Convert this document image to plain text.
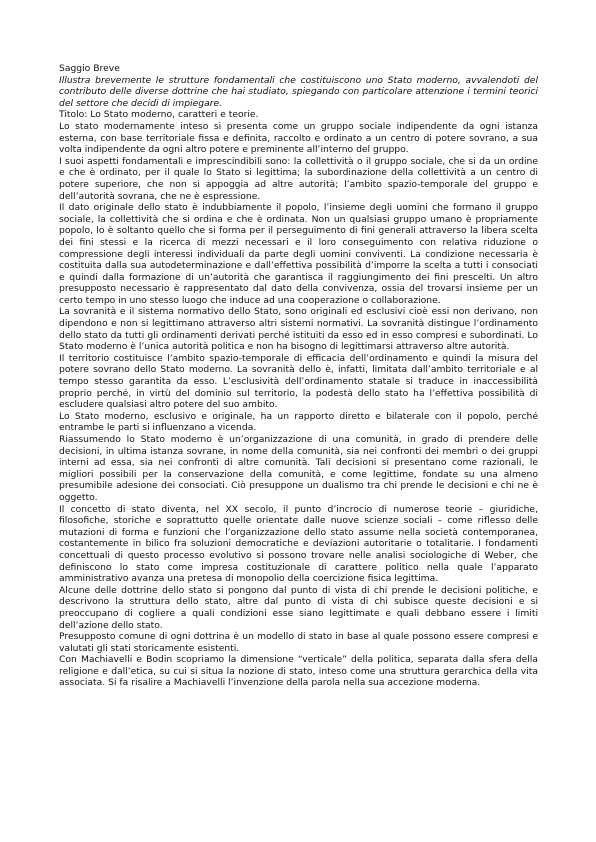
Saggio Breve

Illustra brevemente le strutture fondamentali che costituiscono uno Stato moderno, avvalendoti del contributo delle diverse dottrine che hai studiato, spiegando con particolare attenzione i termini teorici del settore che decidi di impiegare.

Titolo: Lo Stato moderno, caratteri e teorie.

Lo stato modernamente inteso si presenta come un gruppo sociale indipendente da ogni istanza esterna, con base territoriale fissa e definita, raccolto e ordinato a un centro di potere sovrano, a sua volta indipendente da ogni altro potere e preminente all’interno del gruppo.

I suoi aspetti fondamentali e imprescindibili sono: la collettività o il gruppo sociale, che si da un ordine e che è ordinato, per il quale lo Stato si legittima; la subordinazione della collettività a un centro di potere superiore, che non si appoggia ad altre autorità; l’ambito spazio-temporale del gruppo e dell’autorità sovrana, che ne è espressione.

Il dato originale dello stato è indubbiamente il popolo, l’insieme degli uomini che formano il gruppo sociale, la collettività che si ordina e che è ordinata. Non un qualsiasi gruppo umano è propriamente popolo, lo è soltanto quello che si forma per il perseguimento di fini generali attraverso la libera scelta dei fini stessi e la ricerca di mezzi necessari e il loro conseguimento con relativa riduzione o compressione degli interessi individuali da parte degli uomini conviventi. La condizione necessaria è costituita dalla sua autodeterminazione e dall’effettiva possibilità d’imporre la scelta a tutti i consociati e quindi dalla formazione di un’autorità che garantisca il raggiungimento dei fini prescelti. Un altro presupposto necessario è rappresentato dal dato della convivenza, ossia del trovarsi insieme per un certo tempo in uno stesso luogo che induce ad una cooperazione o collaborazione.

La sovranità e il sistema normativo dello Stato, sono originali ed esclusivi cioè essi non derivano, non dipendono e non si legittimano attraverso altri sistemi normativi. La sovranità distingue l’ordinamento dello stato da tutti gli ordinamenti derivati perché istituiti da esso ed in esso compresi e subordinati. Lo Stato moderno è l’unica autorità politica e non ha bisogno di legittimarsi attraverso altre autorità.

Il territorio costituisce l’ambito spazio-temporale di efficacia dell’ordinamento e quindi la misura del potere sovrano dello Stato moderno. La sovranità dello è, infatti, limitata dall’ambito territoriale e al tempo stesso garantita da esso. L’esclusività dell’ordinamento statale si traduce in inaccessibilità proprio perché, in virtù del dominio sul territorio, la podestà dello stato ha l’effettiva possibilità di escludere qualsiasi altro potere del suo ambito.

Lo Stato moderno, esclusivo e originale, ha un rapporto diretto e bilaterale con il popolo, perché entrambe le parti si influenzano a vicenda.

Riassumendo lo Stato moderno è un’organizzazione di una comunità, in grado di prendere delle decisioni, in ultima istanza sovrane, in nome della comunità, sia nei confronti dei membri o dei gruppi interni ad essa, sia nei confronti di altre comunità. Tali decisioni si presentano come razionali, le migliori possibili per la conservazione della comunità, e come legittime, fondate su una almeno presumibile adesione dei consociati. Ciò presuppone un dualismo tra chi prende le decisioni e chi ne è oggetto.

Il concetto di stato diventa, nel XX secolo, il punto d’incrocio di numerose teorie – giuridiche, filosofiche, storiche e soprattutto quelle orientate dalle nuove scienze sociali – come riflesso delle mutazioni di forma e funzioni che l’organizzazione dello stato assume nella società contemporanea, costantemente in bilico fra soluzioni democratiche e deviazioni autoritarie o totalitarie. I fondamenti concettuali di questo processo evolutivo si possono trovare nelle analisi sociologiche di Weber, che definiscono lo stato come impresa costituzionale di carattere politico nella quale l’apparato amministrativo avanza una pretesa di monopolio della coercizione fisica legittima.

Alcune delle dottrine dello stato si pongono dal punto di vista di chi prende le decisioni politiche, e descrivono la struttura dello stato, altre dal punto di vista di chi subisce queste decisioni e si preoccupano di cogliere a quali condizioni esse siano legittimate e quali debbano essere i limiti dell’azione dello stato.

Presupposto comune di ogni dottrina è un modello di stato in base al quale possono essere compresi e valutati gli stati storicamente esistenti.

Con Machiavelli e Bodin scopriamo la dimensione “verticale” della politica, separata dalla sfera della religione e dall’etica, su cui si situa la nozione di stato, inteso come una struttura gerarchica della vita associata. Si fa risalire a Machiavelli l’invenzione della parola nella sua accezione moderna.
